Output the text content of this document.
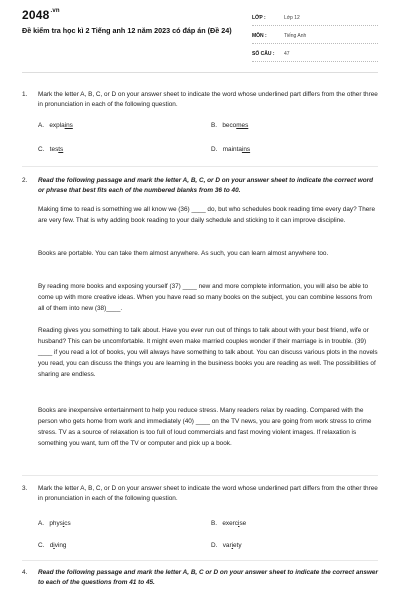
$2048^{.vn}$
Đề kiểm tra học kì 2 Tiếng anh 12 năm 2023 có đáp án (Đề 24)
LỚP :	Lớp 12
MÔN :	Tiếng Anh
SỐ CÂU : 47
1.	Mark the letter A, B, C, or D on your answer sheet to indicate the word whose underlined part differs from the other three in pronunciation in each of the following question.
A. explains	B. becomes
C. tests	D. maintains
2.	Read the following passage and mark the letter A, B, C, or D on your answer sheet to indicate the correct word or phrase that best fits each of the numbered blanks from 36 to 40.
Making time to read is something we all know we (36) ____ do, but who schedules book reading time every day? There are very few. That is why adding book reading to your daily schedule and sticking to it can improve discipline.
Books are portable. You can take them almost anywhere. As such, you can learn almost anywhere too.
By reading more books and exposing yourself (37) ____ new and more complete information, you will also be able to come up with more creative ideas. When you have read so many books on the subject, you can combine lessons from all of them into new (38)____.
Reading gives you something to talk about. Have you ever run out of things to talk about with your best friend, wife or husband? This can be uncomfortable. It might even make married couples wonder if their marriage is in trouble. (39) ____ if you read a lot of books, you will always have something to talk about. You can discuss various plots in the novels you read, you can discuss the things you are learning in the business books you are reading as well. The possibilities of sharing are endless.
Books are inexpensive entertainment to help you reduce stress. Many readers relax by reading. Compared with the person who gets home from work and immediately (40) ____ on the TV news, you are going from work stress to crime stress. TV as a source of relaxation is too full of loud commercials and fast moving violent images. If relaxation is something you want, turn off the TV or computer and pick up a book.
3.	Mark the letter A, B, C, or D on your answer sheet to indicate the word whose underlined part differs from the other three in pronunciation in each of the following question.
A. physics	B. exercise
C. diving	D. variety
4.	Read the following passage and mark the letter A, B, C or D on your answer sheet to indicate the correct answer to each of the questions from 41 to 45.
